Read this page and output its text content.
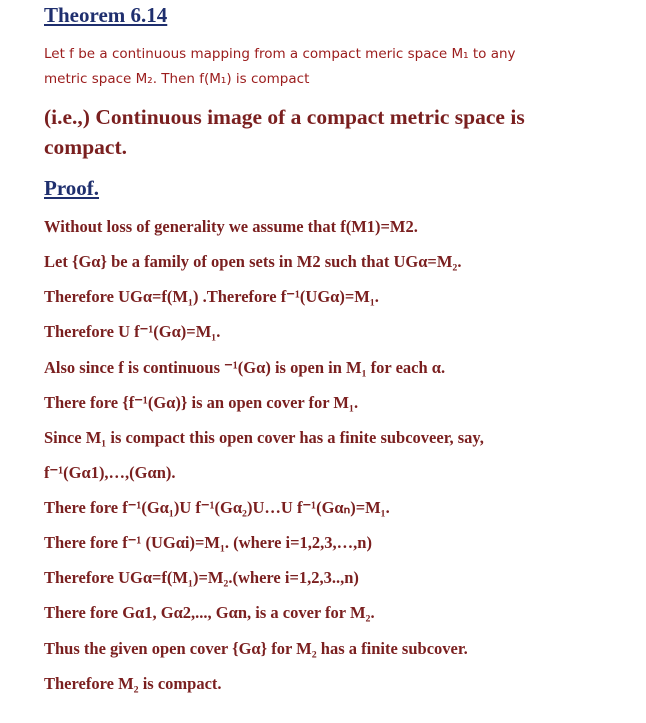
Theorem 6.14
Let f be a continuous mapping from a compact meric space M₁ to any
metric space M₂. Then f(M₁) is compact
(i.e.,) Continuous image of a compact metric space is
compact.
Proof.
Without loss of generality we assume that f(M1)=M2.
Let {Gα} be a family of open sets in M2 such that UGα=M₂.
Therefore UGα=f(M₁) .Therefore f⁻¹(UGα)=M₁.
Therefore U f⁻¹(Gα)=M₁.
Also since f is continuous ⁻¹(Gα) is open in M₁ for each α.
There fore {f⁻¹(Gα)} is an open cover for M₁.
Since M₁ is compact this open cover has a finite subcoveer, say,
f⁻¹(Gα1),…,(Gαn).
There fore f⁻¹(Gα₁)U f⁻¹(Gα₂)U…U f⁻¹(Gαₙ)=M₁.
There fore f⁻¹ (UGαi)=M₁. (where i=1,2,3,…,n)
Therefore UGα=f(M₁)=M₂.(where i=1,2,3..,n)
There fore Gα1, Gα2,..., Gαn, is a cover for M₂.
Thus the given open cover {Gα} for M₂ has a finite subcover.
Therefore M₂ is compact.
